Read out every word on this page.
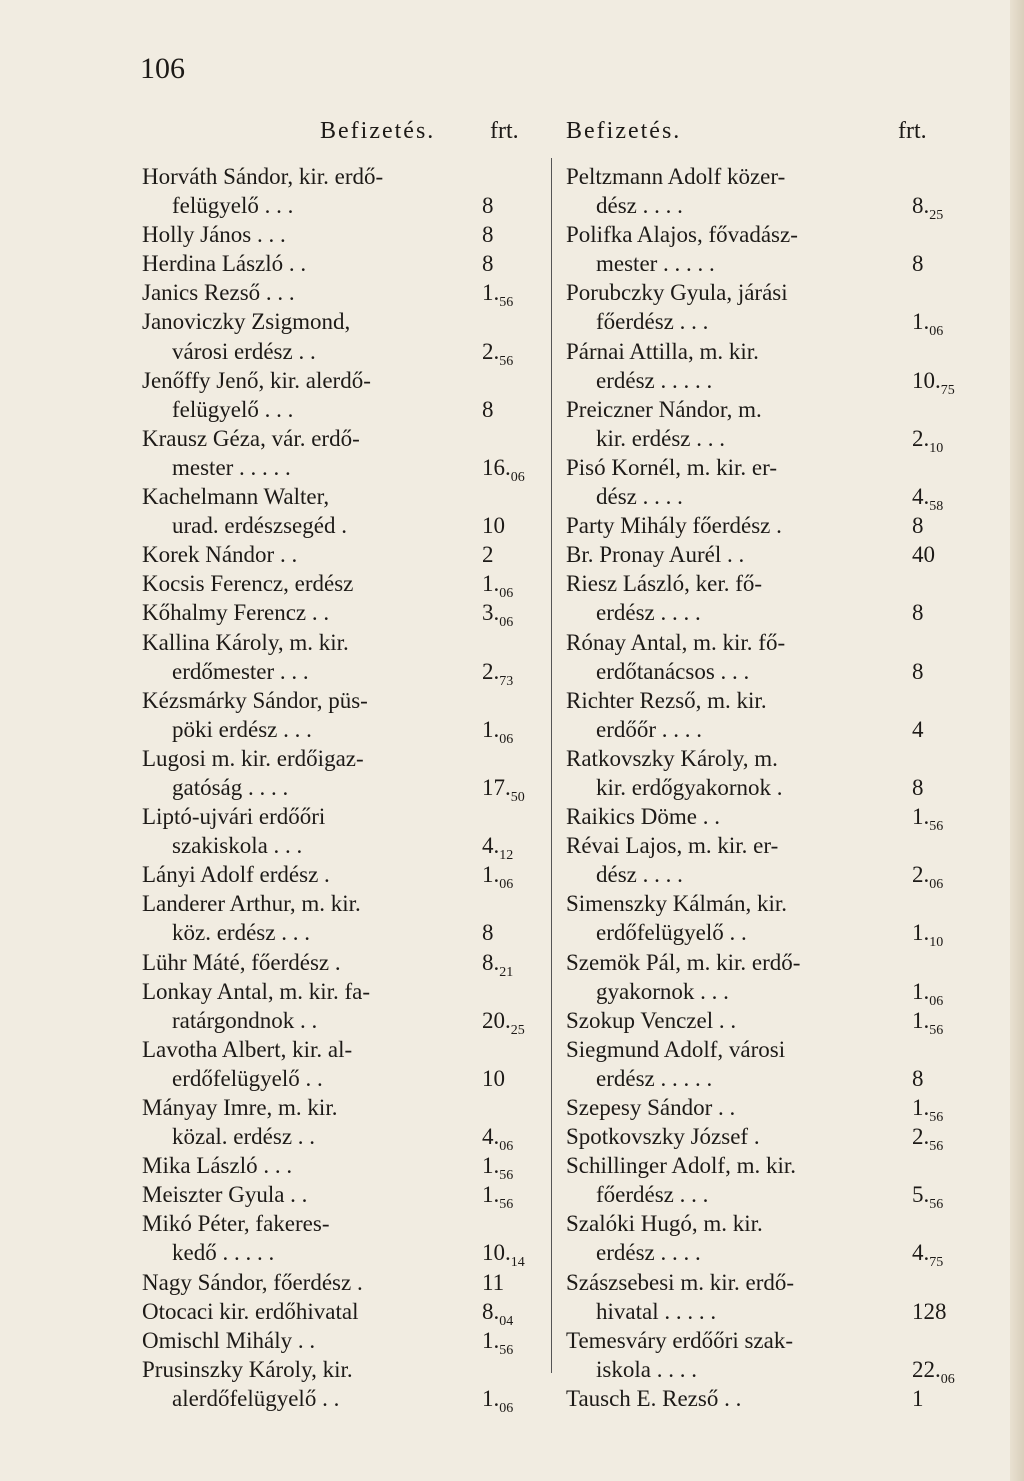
106
Befizetés. frt.
Horváth Sándor, kir. erdő-
felügyelő . . .	8
Holly János . . .	8
Herdina László . .	8
Janics Rezső . . .	$1._{56}$
Janoviczky Zsigmond,
városi erdész . .	$2._{56}$
Jenőffy Jenő, kir. alerdő-
felügyelő . . .	8
Krausz Géza, vár. erdő-
mester . . . . .	$16._{06}$
Kachelmann Walter,
urad. erdészsegéd .	10
Korek Nándor . .	2
Kocsis Ferencz, erdész	$1._{06}$
Kőhalmy Ferencz . .	$3._{06}$
Kallina Károly, m. kir.
erdőmester . . .	$2._{73}$
Kézsmárky Sándor, püs-
pöki erdész . . .	$1._{06}$
Lugosi m. kir. erdőigaz-
gatóság . . . .	$17._{50}$
Liptó-ujvári erdőőri
szakiskola . . .	$4._{12}$
Lányi Adolf erdész .	$1._{06}$
Landerer Arthur, m. kir.
köz. erdész . . .	8
Lühr Máté, főerdész .	$8._{21}$
Lonkay Antal, m. kir. fa-
ratárgondnok . .	$20._{25}$
Lavotha Albert, kir. al-
erdőfelügyelő . .	10
Mányay Imre, m. kir.
közal. erdész . .	$4._{06}$
Mika László . . .	$1._{56}$
Meiszter Gyula . .	$1._{56}$
Mikó Péter, fakeres-
kedő . . . . .	$10._{14}$
Nagy Sándor, főerdész .	11
Otocaci kir. erdőhivatal	$8._{04}$
Omischl Mihály . .	$1._{56}$
Prusinszky Károly, kir.
alerdőfelügyelő . .	$1._{06}$
Befizetés.	frt.
Peltzmann Adolf közer-
dész . . . .	$8._{25}$
Polifka Alajos, fővadász-
mester . . . . .	8
Porubczky Gyula, járási
főerdész . . .	$1._{06}$
Párnai Attilla, m. kir.
erdész . . . . .	$10._{75}$
Preiczner Nándor, m.
kir. erdész . . .	$2._{10}$
Pisó Kornél, m. kir. er-
dész . . . .	$4._{58}$
Party Mihály főerdész .	8
Br. Pronay Aurél . .	40
Riesz László, ker. fő-
erdész . . . .	8
Rónay Antal, m. kir. fő-
erdőtanácsos . . .	8
Richter Rezső, m. kir.
erdőőr . . . .	4
Ratkovszky Károly, m.
kir. erdőgyakornok .	8
Raikics Döme . .	$1._{56}$
Révai Lajos, m. kir. er-
dész . . . .	$2._{06}$
Simenszky Kálmán, kir.
erdőfelügyelő . .	$1._{10}$
Szemök Pál, m. kir. erdő-
gyakornok . . .	$1._{06}$
Szokup Venczel . .	$1._{56}$
Siegmund Adolf, városi
erdész . . . . .	8
Szepesy Sándor . .	$1._{56}$
Spotkovszky József .	$2._{56}$
Schillinger Adolf, m. kir.
főerdész . . .	$5._{56}$
Szalóki Hugó, m. kir.
erdész . . . .	$4._{75}$
Szászsebesi m. kir. erdő-
hivatal . . . . .	128
Temesváry erdőőri szak-
iskola . . . .	$22._{06}$
Tausch E. Rezső . .	1
